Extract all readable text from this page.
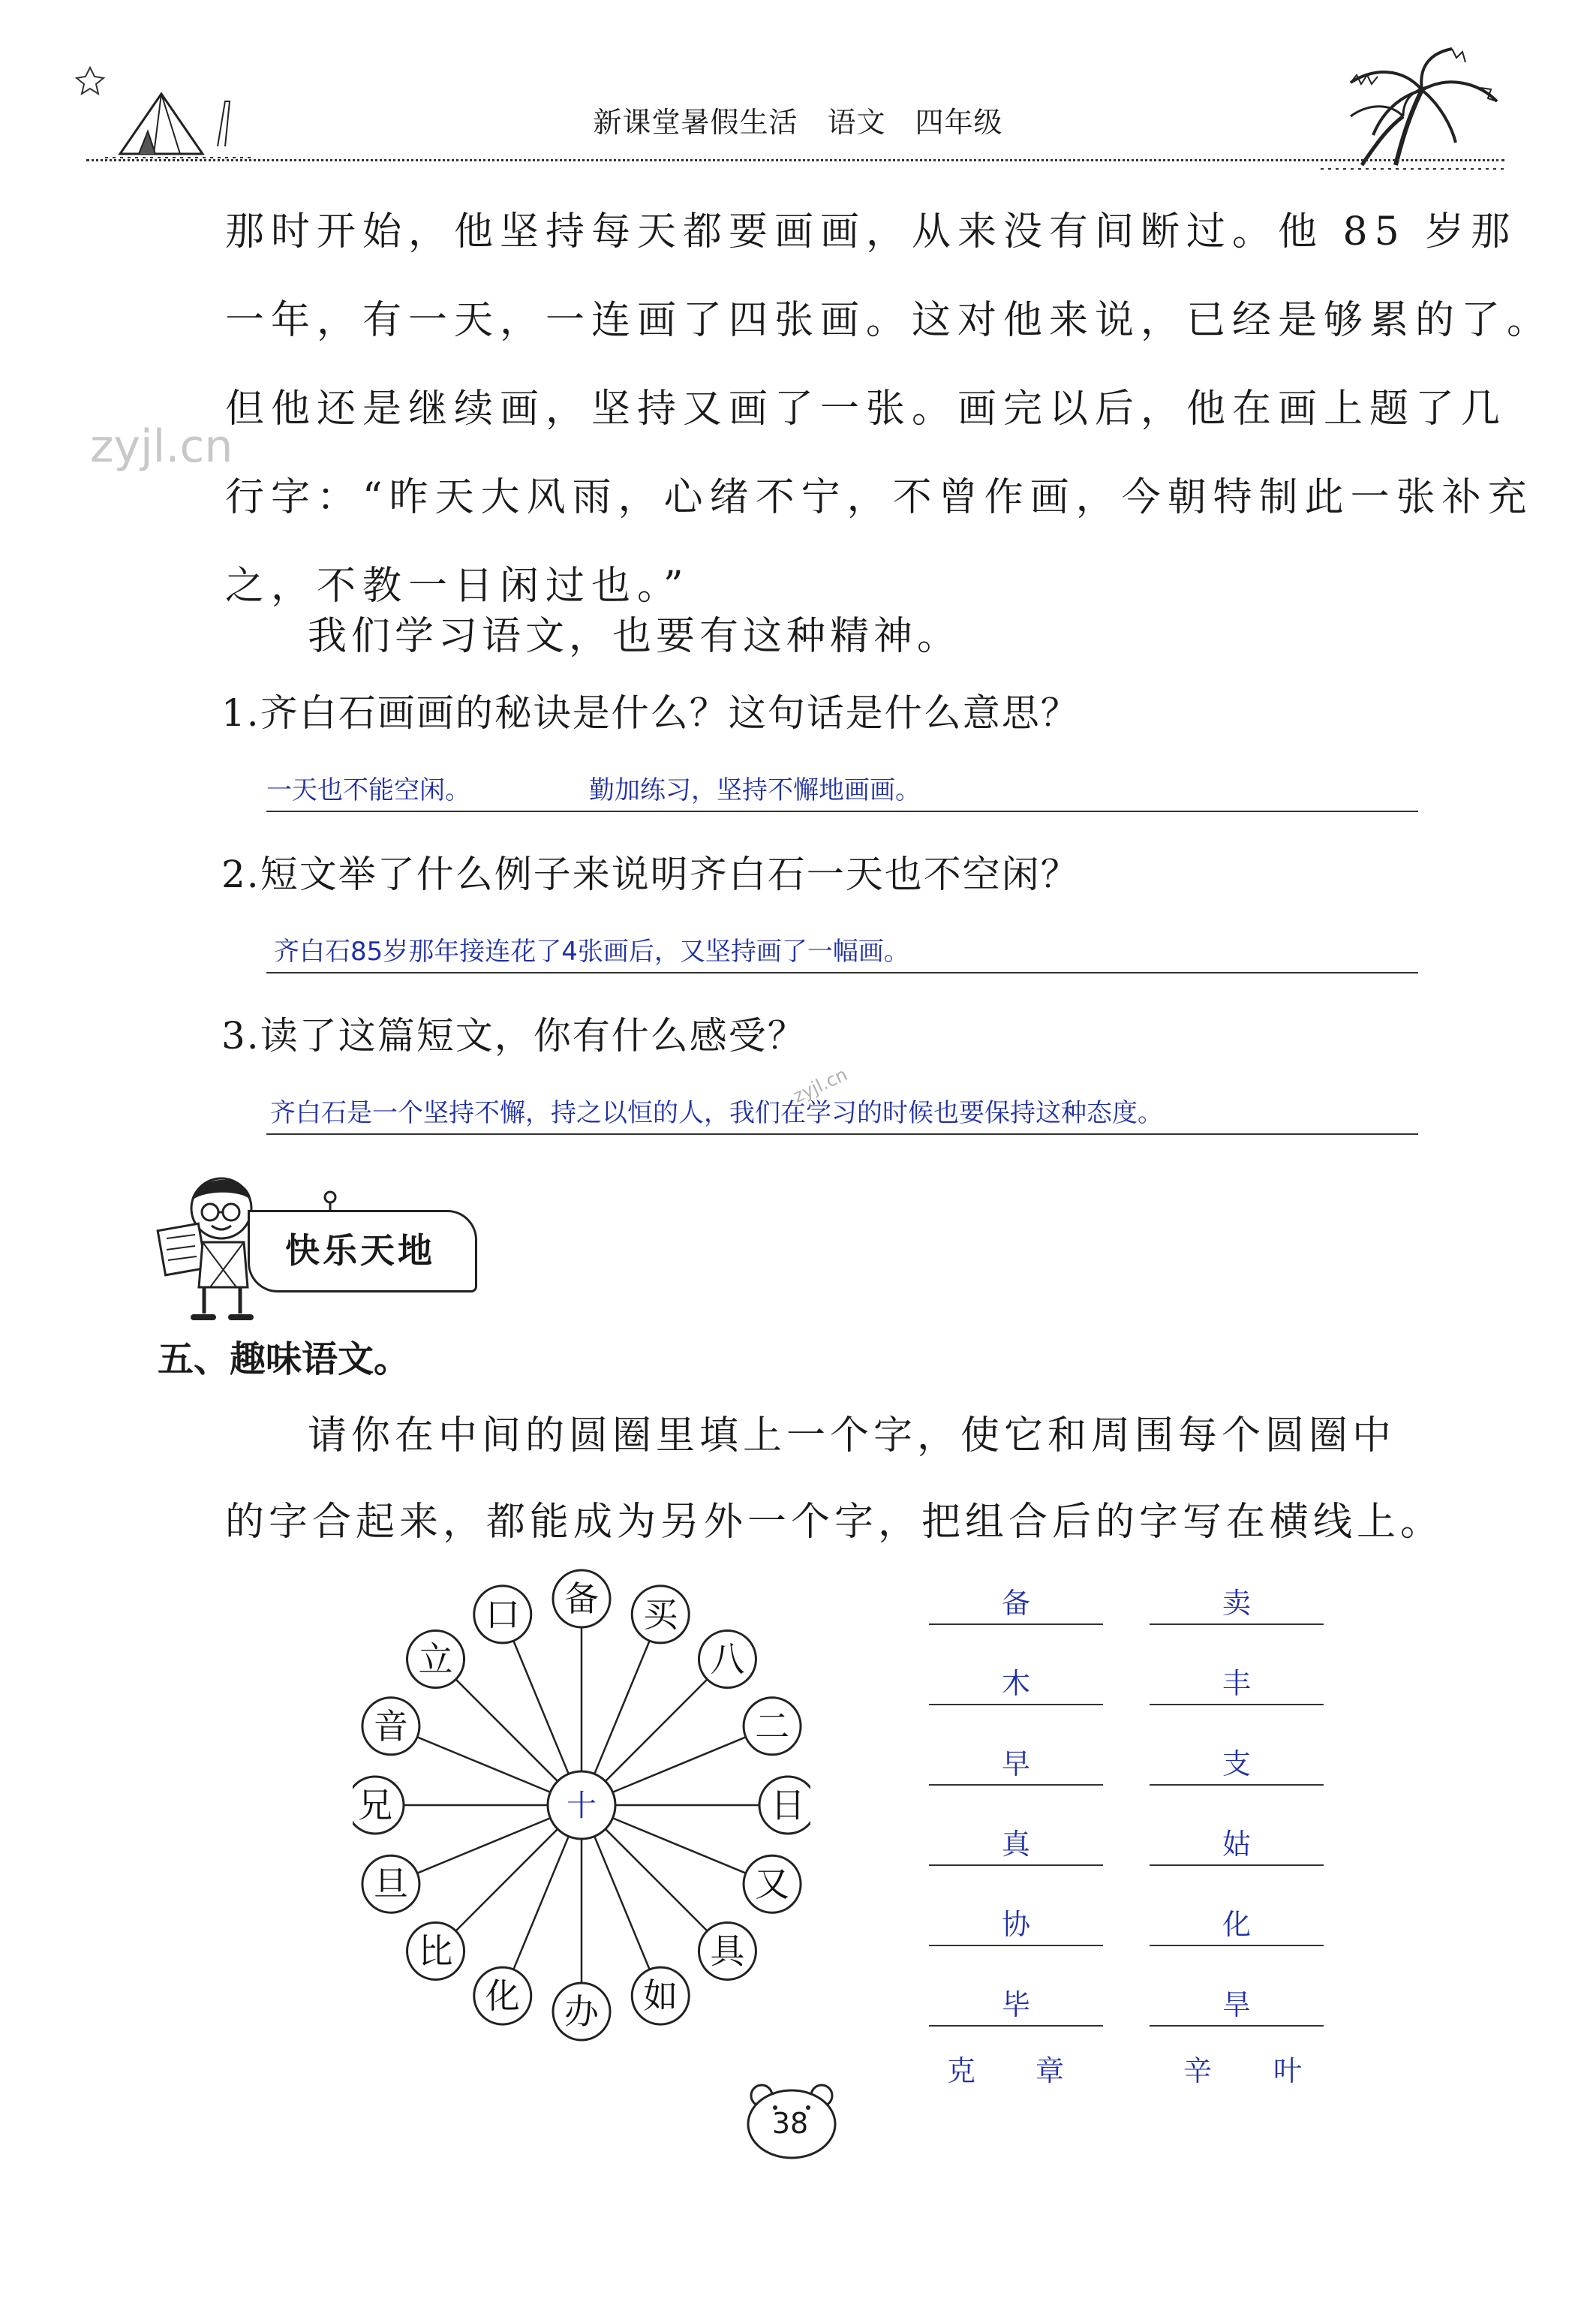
新课堂暑假生活　语文　四年级
zyjl.cn
那时开始，他坚持每天都要画画，从来没有间断过。他 85 岁那
一年，有一天，一连画了四张画。这对他来说，已经是够累的了。
但他还是继续画，坚持又画了一张。画完以后，他在画上题了几
行字：“昨天大风雨，心绪不宁，不曾作画，今朝特制此一张补充
之，不教一日闲过也。”
我们学习语文，也要有这种精神。
1.齐白石画画的秘诀是什么？这句话是什么意思？
一天也不能空闲。	勤加练习，坚持不懈地画画。
2.短文举了什么例子来说明齐白石一天也不空闲？
齐白石85岁那年接连花了4张画后，又坚持画了一幅画。
3.读了这篇短文，你有什么感受？
齐白石是一个坚持不懈，持之以恒的人，我们在学习的时候也要保持这种态度。
zyjl.cn
快乐天地
五、趣味语文。
请你在中间的圆圈里填上一个字，使它和周围每个圆圈中
的字合起来，都能成为另外一个字，把组合后的字写在横线上。
备 买
八
二
日
又
具
如
办
化
比
旦
兄
音
立
口
十
备
木
早
真
协
毕
卖
丰
支
姑
化
旱
克 章	辛 叶
38
